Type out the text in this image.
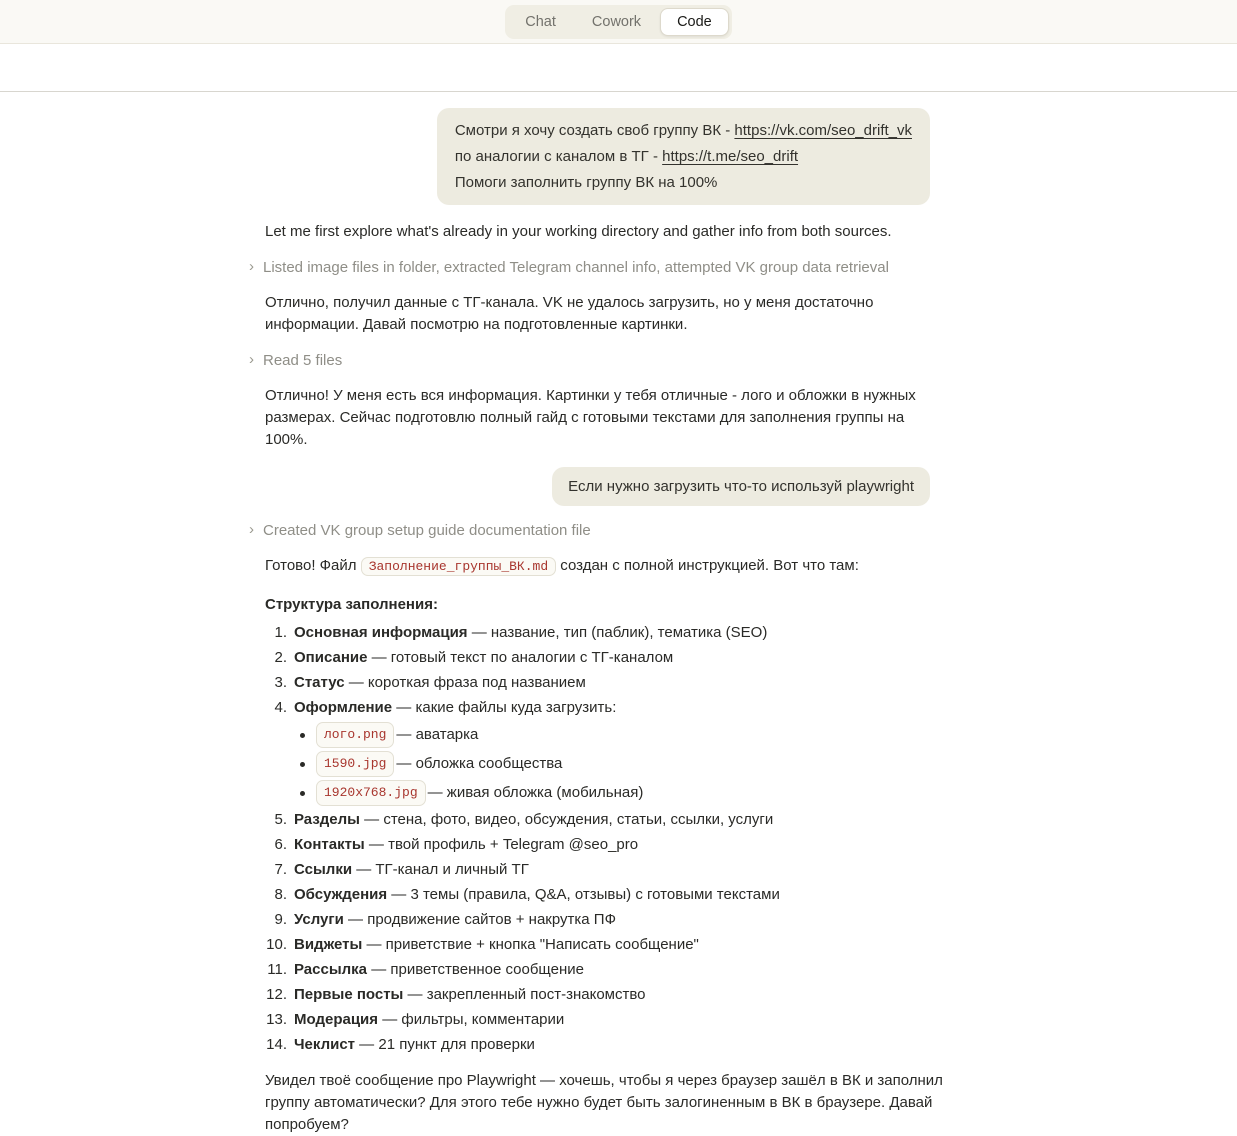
Chat	Cowork	Code

Смотри я хочу создать своб группу ВК - https://vk.com/seo_drift_vk

по аналогии с каналом в ТГ - https://t.me/seo_drift

Помоги заполнить группу ВК на 100%

Let me first explore what's already in your working directory and gather info from both sources.

› Listed image files in folder, extracted Telegram channel info, attempted VK group data retrieval

Отлично, получил данные с ТГ-канала. VK не удалось загрузить, но у меня достаточно информации. Давай посмотрю на подготовленные картинки.

› Read 5 files

Отлично! У меня есть вся информация. Картинки у тебя отличные - лого и обложки в нужных размерах. Сейчас подготовлю полный гайд с готовыми текстами для заполнения группы на 100%.

Если нужно загрузить что-то используй playwright

› Created VK group setup guide documentation file

Готово! Файл Заполнение_группы_ВК.md создан с полной инструкцией. Вот что там:

Структура заполнения:

1. Основная информация — название, тип (паблик), тематика (SEO)
2. Описание — готовый текст по аналогии с ТГ-каналом
3. Статус — короткая фраза под названием
4. Оформление — какие файлы куда загрузить:
лого.png — аватарка
1590.jpg — обложка сообщества
1920x768.jpg — живая обложка (мобильная)
5. Разделы — стена, фото, видео, обсуждения, статьи, ссылки, услуги
6. Контакты — твой профиль + Telegram @seo_pro
7. Ссылки — ТГ-канал и личный ТГ
8. Обсуждения — 3 темы (правила, Q&A, отзывы) с готовыми текстами
9. Услуги — продвижение сайтов + накрутка ПФ
10. Виджеты — приветствие + кнопка "Написать сообщение"
11. Рассылка — приветственное сообщение
12. Первые посты — закрепленный пост-знакомство
13. Модерация — фильтры, комментарии
14. Чеклист — 21 пункт для проверки

Увидел твоё сообщение про Playwright — хочешь, чтобы я через браузер зашёл в ВК и заполнил группу автоматически? Для этого тебе нужно будет быть залогиненным в ВК в браузере. Давай попробуем?
